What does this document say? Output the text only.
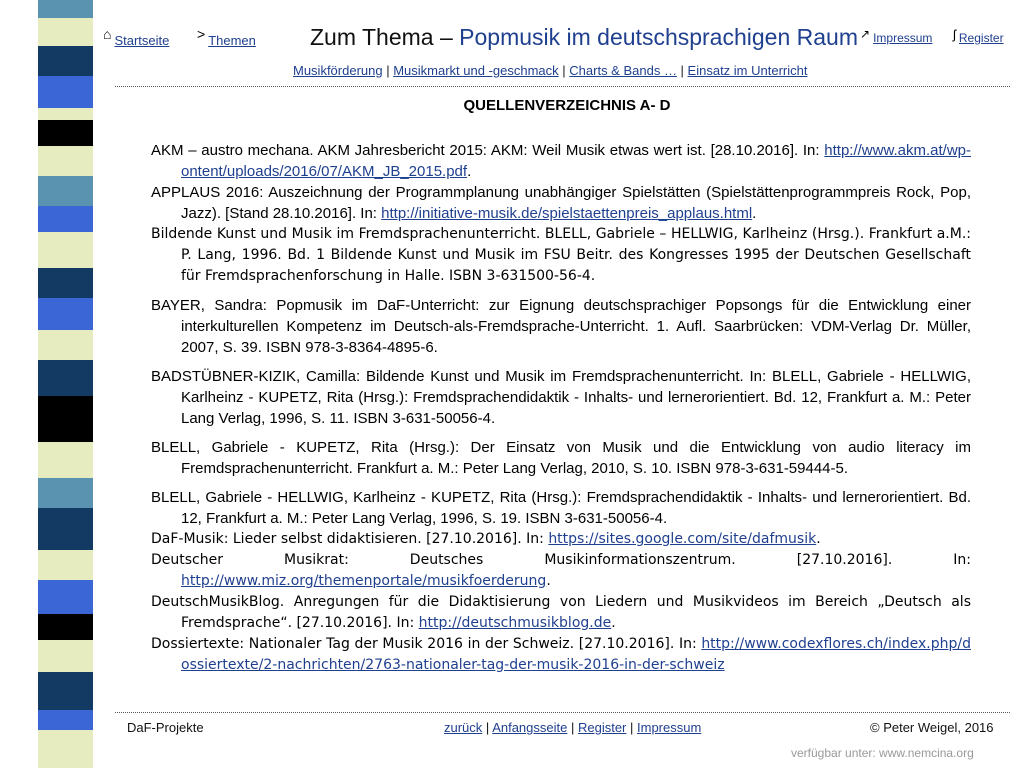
⌂ Startseite > Themen Zum Thema – Popmusik im deutschsprachigen Raum ↗ Impressum ʃ Register
Musikförderung | Musikmarkt und -geschmack | Charts & Bands … | Einsatz im Unterricht
QUELLENVERZEICHNIS A- D

AKM – austro mechana. AKM Jahresbericht 2015: AKM: Weil Musik etwas wert ist. [28.10.2016]. In: http://www.akm.at/wp-ontent/uploads/2016/07/AKM_JB_2015.pdf.

APPLAUS 2016: Auszeichnung der Programmplanung unabhängiger Spielstätten (Spielstättenprogrammpreis Rock, Pop, Jazz). [Stand 28.10.2016]. In: http://initiative-musik.de/spielstaettenpreis_applaus.html.

Bildende Kunst und Musik im Fremdsprachenunterricht. BLELL, Gabriele – HELLWIG, Karlheinz (Hrsg.). Frankfurt a.M.: P. Lang, 1996. Bd. 1 Bildende Kunst und Musik im FSU Beitr. des Kongresses 1995 der Deutschen Gesellschaft für Fremdsprachenforschung in Halle. ISBN 3-631500-56-4.

BAYER, Sandra: Popmusik im DaF-Unterricht: zur Eignung deutschsprachiger Popsongs für die Entwicklung einer interkulturellen Kompetenz im Deutsch-als-Fremdsprache-Unterricht. 1. Aufl. Saarbrücken: VDM-Verlag Dr. Müller, 2007, S. 39. ISBN 978-3-8364-4895-6.

BADSTÜBNER-KIZIK, Camilla: Bildende Kunst und Musik im Fremdsprachenunterricht. In: BLELL, Gabriele - HELLWIG, Karlheinz - KUPETZ, Rita (Hrsg.): Fremdsprachendidaktik - Inhalts- und lernerorientiert. Bd. 12, Frankfurt a. M.: Peter Lang Verlag, 1996, S. 11. ISBN 3-631-50056-4.

BLELL, Gabriele - KUPETZ, Rita (Hrsg.): Der Einsatz von Musik und die Entwicklung von audio literacy im Fremdsprachenunterricht. Frankfurt a. M.: Peter Lang Verlag, 2010, S. 10. ISBN 978-3-631-59444-5.

BLELL, Gabriele - HELLWIG, Karlheinz - KUPETZ, Rita (Hrsg.): Fremdsprachendidaktik - Inhalts- und lernerorientiert. Bd. 12, Frankfurt a. M.: Peter Lang Verlag, 1996, S. 19. ISBN 3-631-50056-4.

DaF-Musik: Lieder selbst didaktisieren. [27.10.2016]. In: https://sites.google.com/site/dafmusik.

Deutscher Musikrat: Deutsches Musikinformationszentrum. [27.10.2016]. In: http://www.miz.org/themenportale/musikfoerderung.

DeutschMusikBlog. Anregungen für die Didaktisierung von Liedern und Musikvideos im Bereich „Deutsch als Fremdsprache“. [27.10.2016]. In: http://deutschmusikblog.de.

Dossiertexte: Nationaler Tag der Musik 2016 in der Schweiz. [27.10.2016]. In: http://www.codexflores.ch/index.php/dossiertexte/2-nachrichten/2763-nationaler-tag-der-musik-2016-in-der-schweiz

DaF-Projekte	zurück | Anfangsseite | Register | Impressum	© Peter Weigel, 2016
verfügbar unter: www.nemcina.org
